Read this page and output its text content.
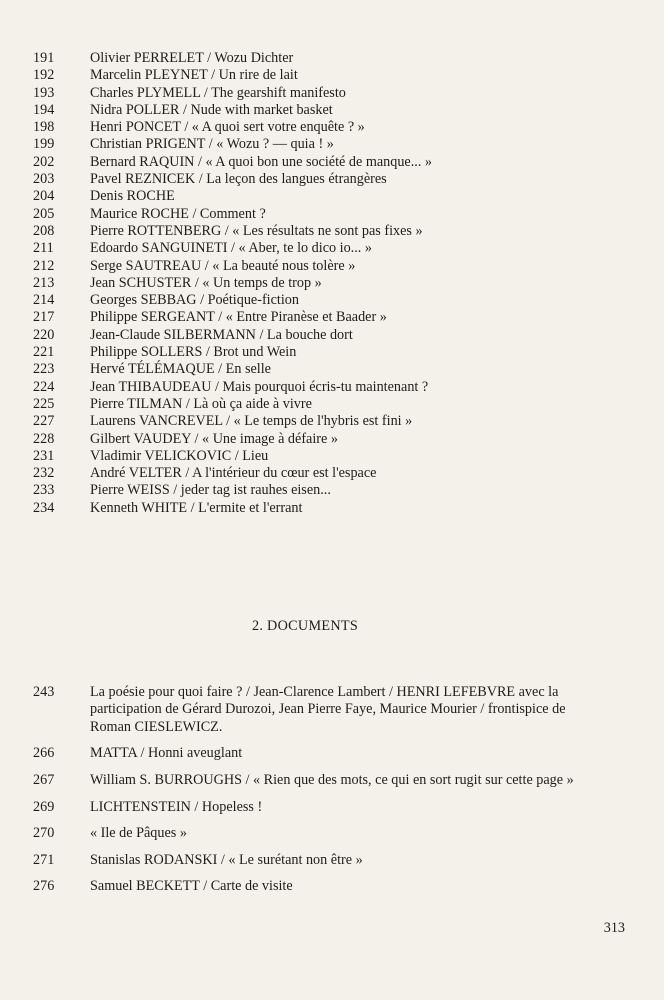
191	Olivier PERRELET / Wozu Dichter
192	Marcelin PLEYNET / Un rire de lait
193	Charles PLYMELL / The gearshift manifesto
194	Nidra POLLER / Nude with market basket
198	Henri PONCET / « A quoi sert votre enquête ? »
199	Christian PRIGENT / « Wozu ? — quia ! »
202	Bernard RAQUIN / « A quoi bon une société de manque... »
203	Pavel REZNICEK / La leçon des langues étrangères
204	Denis ROCHE
205	Maurice ROCHE / Comment ?
208	Pierre ROTTENBERG / « Les résultats ne sont pas fixes »
211	Edoardo SANGUINETI / « Aber, te lo dico io... »
212	Serge SAUTREAU / « La beauté nous tolère »
213	Jean SCHUSTER / « Un temps de trop »
214	Georges SEBBAG / Poétique-fiction
217	Philippe SERGEANT / « Entre Piranèse et Baader »
220	Jean-Claude SILBERMANN / La bouche dort
221	Philippe SOLLERS / Brot und Wein
223	Hervé TÉLÉMAQUE / En selle
224	Jean THIBAUDEAU / Mais pourquoi écris-tu maintenant ?
225	Pierre TILMAN / Là où ça aide à vivre
227	Laurens VANCREVEL / « Le temps de l'hybris est fini »
228	Gilbert VAUDEY / « Une image à défaire »
231	Vladimir VELICKOVIC / Lieu
232	André VELTER / A l'intérieur du cœur est l'espace
233	Pierre WEISS / jeder tag ist rauhes eisen...
234	Kenneth WHITE / L'ermite et l'errant
2. DOCUMENTS
243	La poésie pour quoi faire ? / Jean-Clarence Lambert / HENRI LEFEBVRE avec la participation de Gérard Durozoi, Jean Pierre Faye, Maurice Mourier / frontispice de Roman CIESLEWICZ.
266	MATTA / Honni aveuglant
267	William S. BURROUGHS / « Rien que des mots, ce qui en sort rugit sur cette page »
269	LICHTENSTEIN / Hopeless !
270	« Ile de Pâques »
271	Stanislas RODANSKI / « Le surétant non être »
276	Samuel BECKETT / Carte de visite
313
